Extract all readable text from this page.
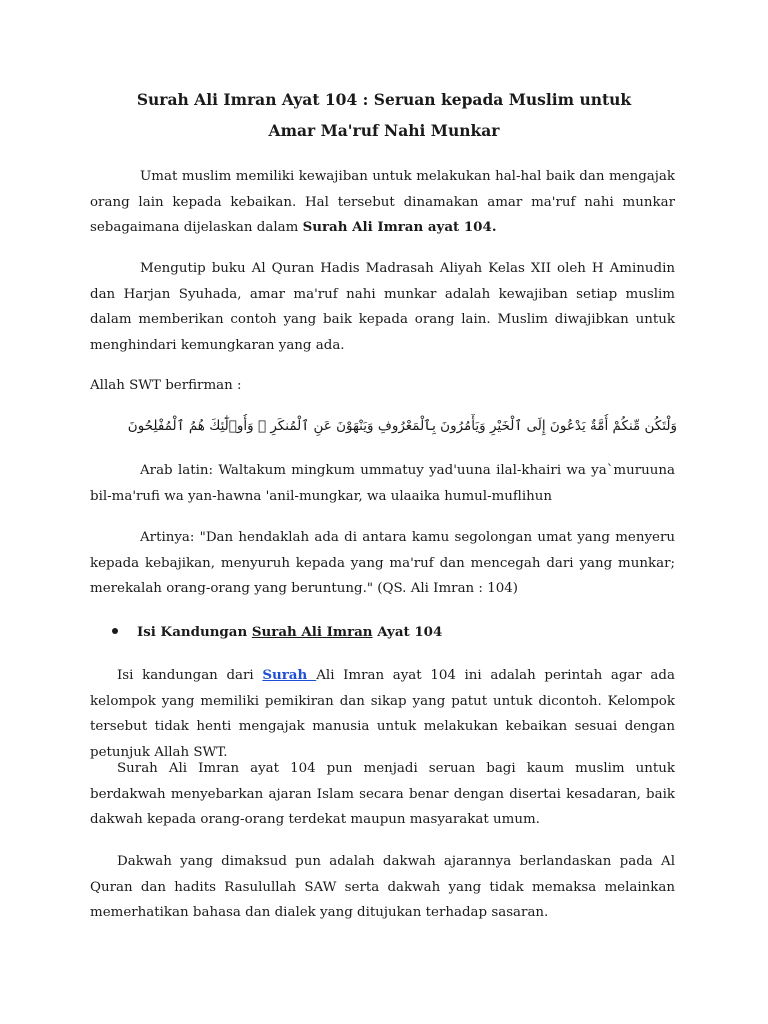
Surah Ali Imran Ayat 104 : Seruan kepada Muslim untuk
Amar Ma'ruf Nahi Munkar

Umat muslim memiliki kewajiban untuk melakukan hal-hal baik dan mengajak orang lain kepada kebaikan. Hal tersebut dinamakan amar ma'ruf nahi munkar sebagaimana dijelaskan dalam Surah Ali Imran ayat 104.

Mengutip buku Al Quran Hadis Madrasah Aliyah Kelas XII oleh H Aminudin dan Harjan Syuhada, amar ma'ruf nahi munkar adalah kewajiban setiap muslim dalam memberikan contoh yang baik kepada orang lain. Muslim diwajibkan untuk menghindari kemungkaran yang ada.

Allah SWT berfirman :

وَلْتَكُن مِّنكُمْ أُمَّةٌ يَدْعُونَ إِلَى ٱلْخَيْرِ وَيَأْمُرُونَ بِٱلْمَعْرُوفِ وَيَنْهَوْنَ عَنِ ٱلْمُنكَرِ ۚ وَأُو۟لَٰٓئِكَ هُمُ ٱلْمُفْلِحُونَ

Arab latin: Waltakum mingkum ummatuy yad'uuna ilal-khairi wa ya`muruuna bil-ma'rufi wa yan-hawna 'anil-mungkar, wa ulaaika humul-muflihun

Artinya: "Dan hendaklah ada di antara kamu segolongan umat yang menyeru kepada kebajikan, menyuruh kepada yang ma'ruf dan mencegah dari yang munkar; merekalah orang-orang yang beruntung." (QS. Ali Imran : 104)

Isi Kandungan Surah Ali Imran Ayat 104

Isi kandungan dari Surah Ali Imran ayat 104 ini adalah perintah agar ada kelompok yang memiliki pemikiran dan sikap yang patut untuk dicontoh. Kelompok tersebut tidak henti mengajak manusia untuk melakukan kebaikan sesuai dengan petunjuk Allah SWT.

Surah Ali Imran ayat 104 pun menjadi seruan bagi kaum muslim untuk berdakwah menyebarkan ajaran Islam secara benar dengan disertai kesadaran, baik dakwah kepada orang-orang terdekat maupun masyarakat umum.

Dakwah yang dimaksud pun adalah dakwah ajarannya berlandaskan pada Al Quran dan hadits Rasulullah SAW serta dakwah yang tidak memaksa melainkan memerhatikan bahasa dan dialek yang ditujukan terhadap sasaran.
